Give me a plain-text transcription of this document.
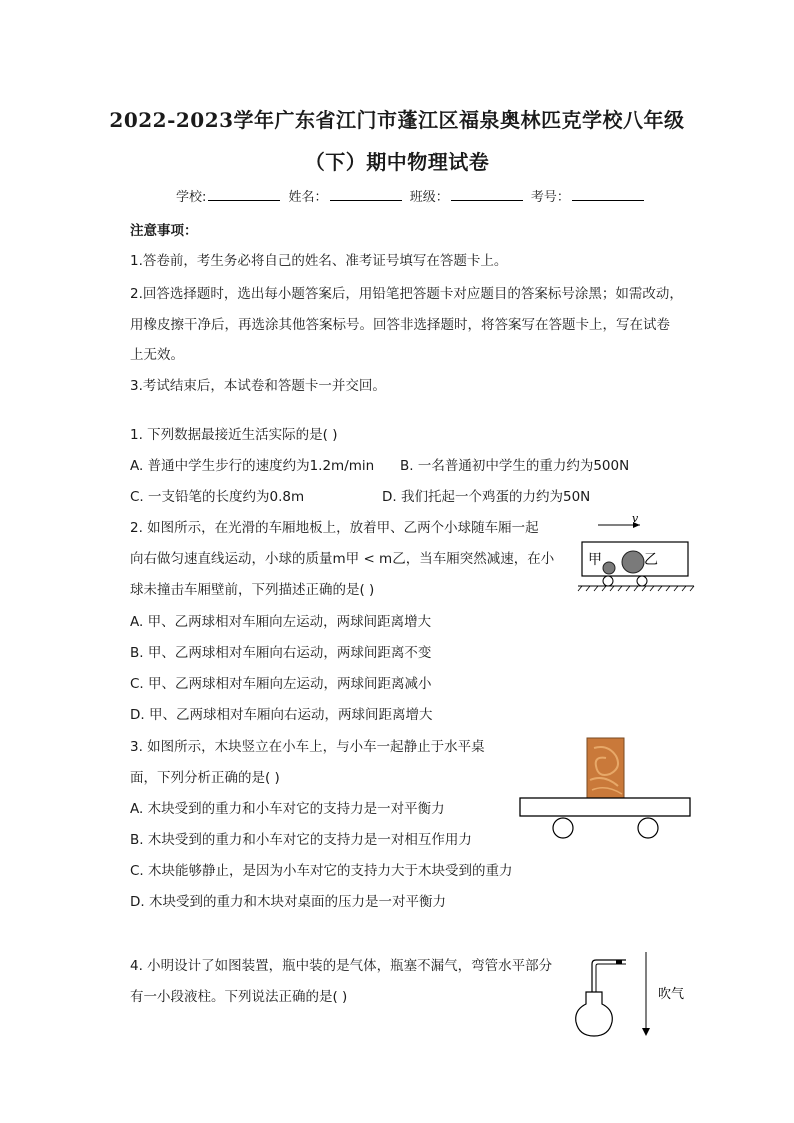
2022-2023学年广东省江门市蓬江区福泉奥林匹克学校八年级
（下）期中物理试卷
学校:	姓名：	班级：	考号：
注意事项：
1.答卷前，考生务必将自己的姓名、准考证号填写在答题卡上。
2.回答选择题时，选出每小题答案后，用铅笔把答题卡对应题目的答案标号涂黑；如需改动，
用橡皮擦干净后，再选涂其他答案标号。回答非选择题时，将答案写在答题卡上，写在试卷
上无效。
3.考试结束后，本试卷和答题卡一并交回。
1. 下列数据最接近生活实际的是( )
A. 普通中学生步行的速度约为1.2m/min B. 一名普通初中学生的重力约为500N
C. 一支铅笔的长度约为0.8m	D. 我们托起一个鸡蛋的力约为50N
2. 如图所示，在光滑的车厢地板上，放着甲、乙两个小球随车厢一起
向右做匀速直线运动，小球的质量m甲 < m乙，当车厢突然减速，在小
球未撞击车厢壁前，下列描述正确的是( )
A. 甲、乙两球相对车厢向左运动，两球间距离增大
B. 甲、乙两球相对车厢向右运动，两球间距离不变
C. 甲、乙两球相对车厢向左运动，两球间距离减小
D. 甲、乙两球相对车厢向右运动，两球间距离增大
v
甲	乙
3. 如图所示，木块竖立在小车上，与小车一起静止于水平桌
面，下列分析正确的是( )
A. 木块受到的重力和小车对它的支持力是一对平衡力
B. 木块受到的重力和小车对它的支持力是一对相互作用力
C. 木块能够静止，是因为小车对它的支持力大于木块受到的重力
D. 木块受到的重力和木块对桌面的压力是一对平衡力
4. 小明设计了如图装置，瓶中装的是气体，瓶塞不漏气，弯管水平部分
有一小段液柱。下列说法正确的是( )	吹气
